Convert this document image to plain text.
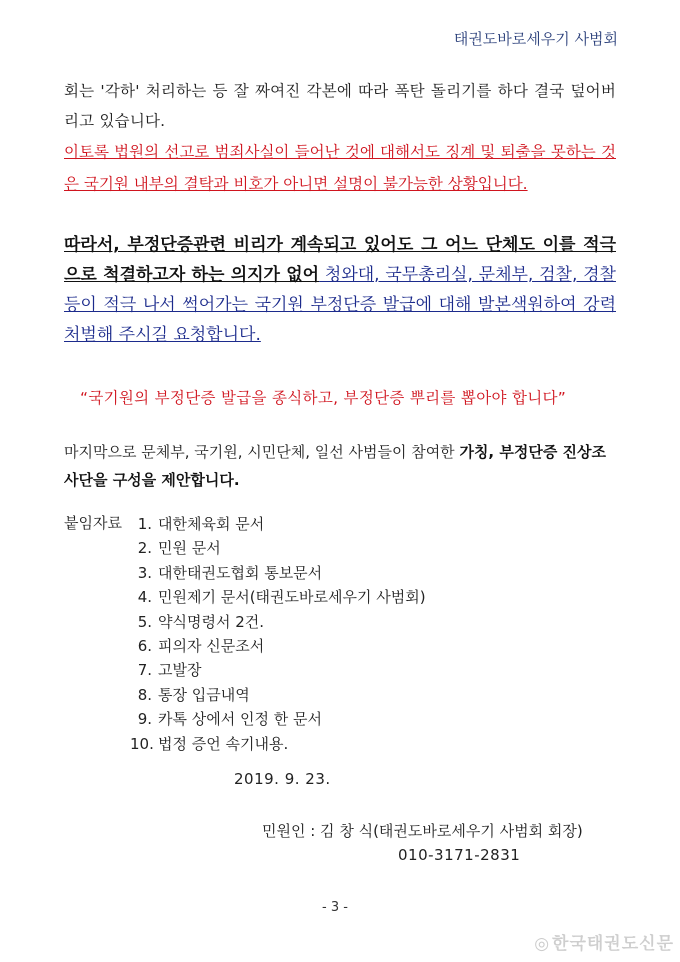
태권도바로세우기 사범회
회는 '각하' 처리하는 등 잘 짜여진 각본에 따라 폭탄 돌리기를 하다 결국 덮어버리고 있습니다.
이토록 법원의 선고로 범죄사실이 들어난 것에 대해서도 징계 및 퇴출을 못하는 것은 국기원 내부의 결탁과 비호가 아니면 설명이 불가능한 상황입니다.
따라서, 부정단증관련 비리가 계속되고 있어도 그 어느 단체도 이를 적극으로 척결하고자 하는 의지가 없어 청와대, 국무총리실, 문체부, 검찰, 경찰 등이 적극 나서 썩어가는 국기원 부정단증 발급에 대해 발본색원하여 강력 처벌해 주시길 요청합니다.
“국기원의 부정단증 발급을 종식하고, 부정단증 뿌리를 뽑아야 합니다”
마지막으로 문체부, 국기원, 시민단체, 일선 사범들이 참여한 가칭, 부정단증 진상조사단을 구성을 제안합니다.
붙임자료	1. 대한체육회 문서
2. 민원 문서
3. 대한태권도협회 통보문서
4. 민원제기 문서(태권도바로세우기 사범회)
5. 약식명령서 2건.
6. 피의자 신문조서
7. 고발장
8. 통장 입금내역
9. 카톡 상에서 인정 한 문서
10. 법정 증언 속기내용.
2019. 9. 23.
민원인 : 김 창 식(태권도바로세우기 사범회 회장)
010-3171-2831
- 3 -
◎ 한국태권도신문
